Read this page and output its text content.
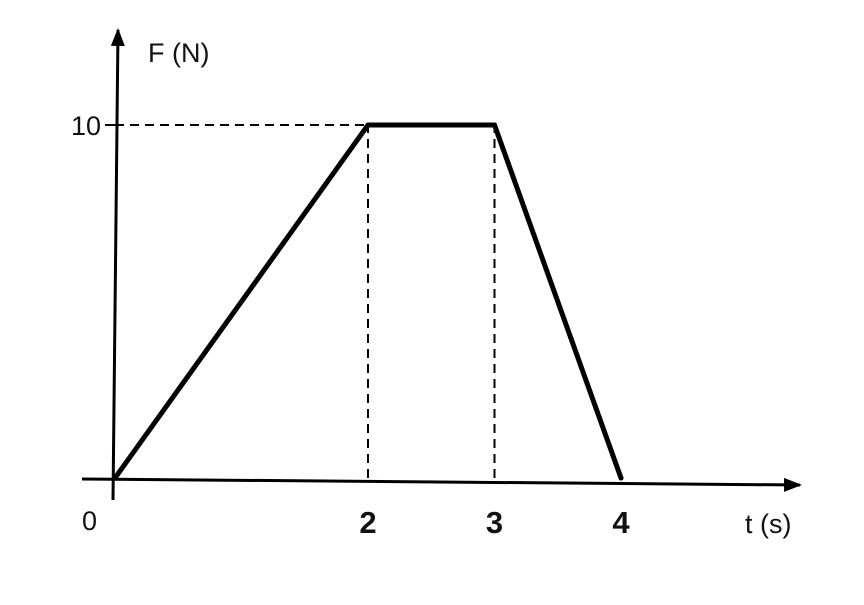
2	3	4
10
F (N)
t (s)
0
